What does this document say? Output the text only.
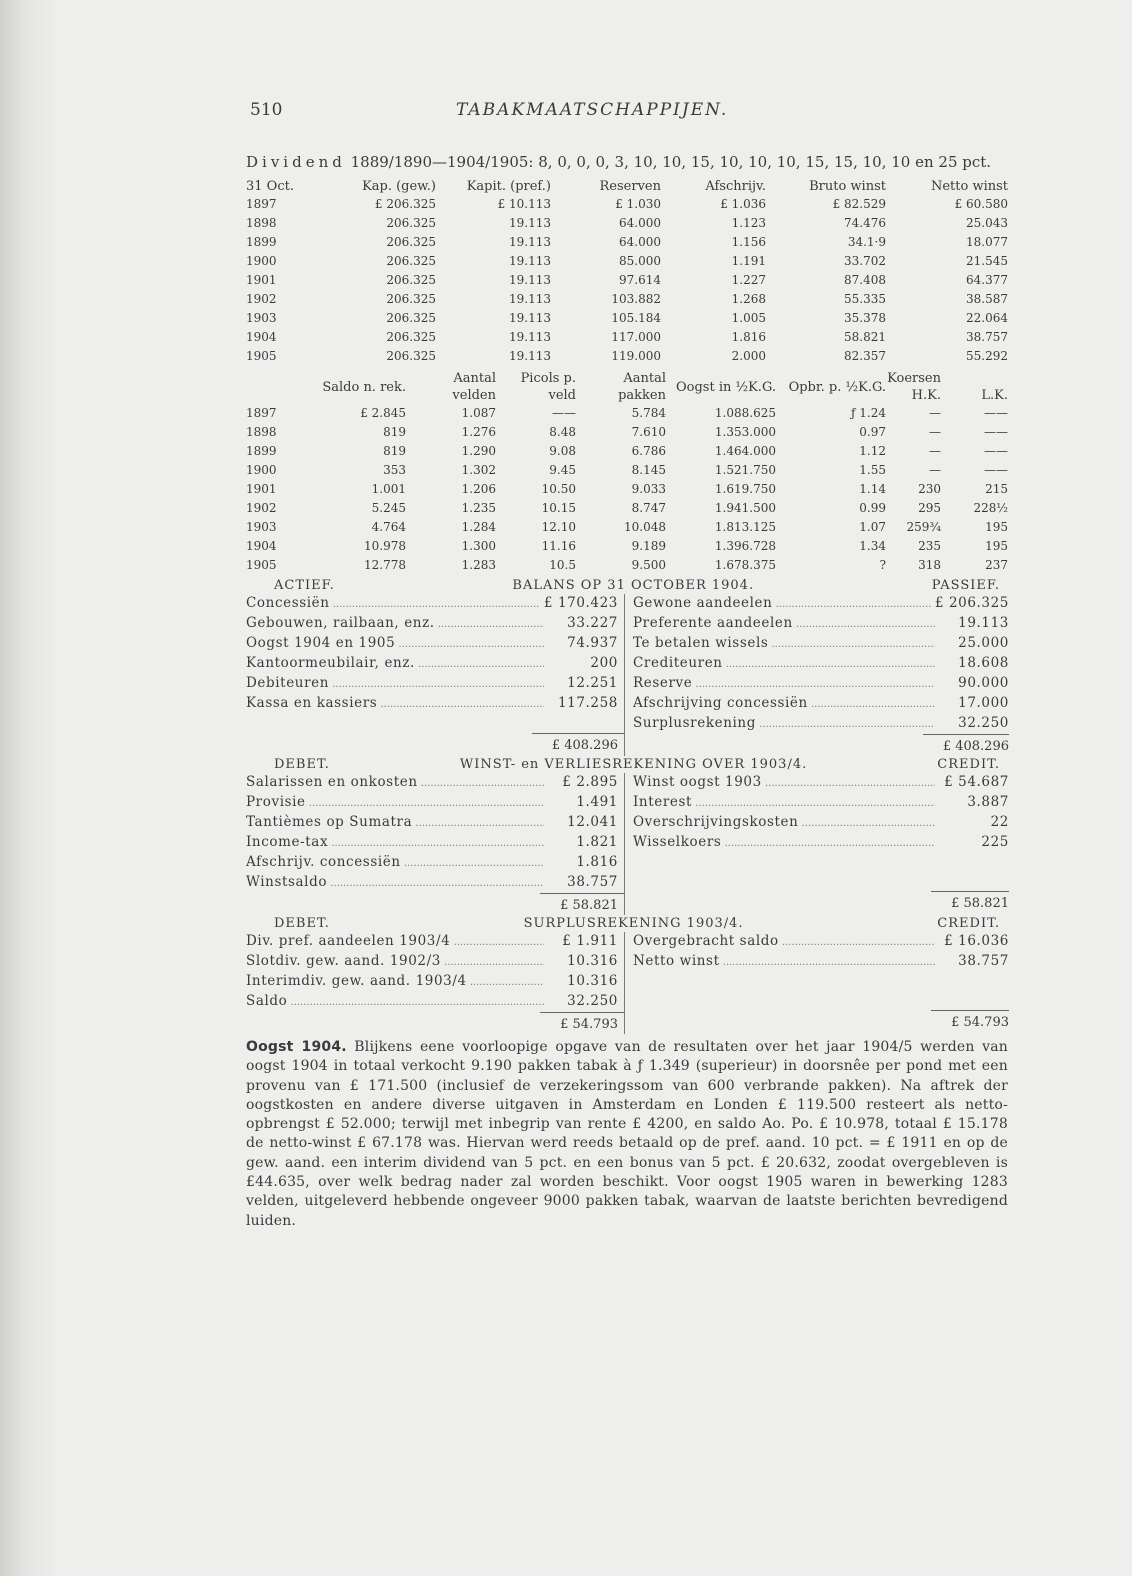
510	TABAKMAATSCHAPPIJEN.
Dividend 1889/1890—1904/1905: 8, 0, 0, 0, 3, 10, 10, 15, 10, 10, 10, 15, 15, 10, 10 en 25 pct.
31 Oct.	Kap. (gew.)	Kapit. (pref.)	Reserven	Afschrijv.	Bruto winst	Netto winst
1897	£ 206.325	£ 10.113	£ 1.030	£ 1.036	£ 82.529	£ 60.580
1898	206.325	19.113	64.000	1.123	74.476	25.043
1899	206.325	19.113	64.000	1.156	34.1·9	18.077
1900	206.325	19.113	85.000	1.191	33.702	21.545
1901	206.325	19.113	97.614	1.227	87.408	64.377
1902	206.325	19.113	103.882	1.268	55.335	38.587
1903	206.325	19.113	105.184	1.005	35.378	22.064
1904	206.325	19.113	117.000	1.816	58.821	38.757
1905	206.325	19.113	119.000	2.000	82.357	55.292
	Saldo n. rek.	Aantal velden	Picols p. veld	Aantal pakken	Oogst in ½K.G.	Opbr. p. ½K.G.	Koersen H.K.	L.K.
1897	£ 2.845	1.087	——	5.784	1.088.625	ƒ 1.24	—	——
1898	819	1.276	8.48	7.610	1.353.000	0.97	—	——
1899	819	1.290	9.08	6.786	1.464.000	1.12	—	——
1900	353	1.302	9.45	8.145	1.521.750	1.55	—	——
1901	1.001	1.206	10.50	9.033	1.619.750	1.14	230	215
1902	5.245	1.235	10.15	8.747	1.941.500	0.99	295	228½
1903	4.764	1.284	12.10	10.048	1.813.125	1.07	259¾	195
1904	10.978	1.300	11.16	9.189	1.396.728	1.34	235	195
1905	12.778	1.283	10.5	9.500	1.678.375	?	318	237
ACTIEF.	BALANS OP 31 OCTOBER 1904.	PASSIEF.
Concessiën .....	£ 170.423
Gebouwen, railbaan, enz. .....	33.227
Oogst 1904 en 1905 .....	74.937
Kantoormeubilair, enz. .....	200
Debiteuren .....	12.251
Kassa en kassiers .....	117.258
£ 408.296
Gewone aandeelen .....	£ 206.325
Preferente aandeelen .....	19.113
Te betalen wissels .....	25.000
Crediteuren .....	18.608
Reserve .....	90.000
Afschrijving concessiën .....	17.000
Surplusrekening .....	32.250
£ 408.296
DEBET.	WINST- en VERLIESREKENING OVER 1903/4.	CREDIT.
Salarissen en onkosten .....	£ 2.895
Provisie .....	1.491
Tantièmes op Sumatra .....	12.041
Income-tax .....	1.821
Afschrijv. concessiën .....	1.816
Winstsaldo .....	38.757
£ 58.821
Winst oogst 1903 .....	£ 54.687
Interest .....	3.887
Overschrijvingskosten .....	22
Wisselkoers .....	225
£ 58.821
DEBET.	SURPLUSREKENING 1903/4.	CREDIT.
Div. pref. aandeelen 1903/4 .....	£ 1.911
Slotdiv. gew. aand. 1902/3 .....	10.316
Interimdiv. gew. aand. 1903/4 .....	10.316
Saldo .....	32.250
£ 54.793
Overgebracht saldo .....	£ 16.036
Netto winst .....	38.757
£ 54.793

Oogst 1904. Blijkens eene voorloopige opgave van de resultaten over het jaar 1904/5 werden van oogst 1904 in totaal verkocht 9.190 pakken tabak à ƒ 1.349 (superieur) in doorsnêe per pond met een provenu van £ 171.500 (inclusief de verzekeringssom van 600 verbrande pakken). Na aftrek der oogstkosten en andere diverse uitgaven in Amsterdam en Londen £ 119.500 resteert als netto-opbrengst £ 52.000; terwijl met inbegrip van rente £ 4200, en saldo Ao. Po. £ 10.978, totaal £ 15.178 de netto-winst £ 67.178 was. Hiervan werd reeds betaald op de pref. aand. 10 pct. = £ 1911 en op de gew. aand. een interim dividend van 5 pct. en een bonus van 5 pct. £ 20.632, zoodat overgebleven is £44.635, over welk bedrag nader zal worden beschikt. Voor oogst 1905 waren in bewerking 1283 velden, uitgeleverd hebbende ongeveer 9000 pakken tabak, waarvan de laatste berichten bevredigend luiden.
